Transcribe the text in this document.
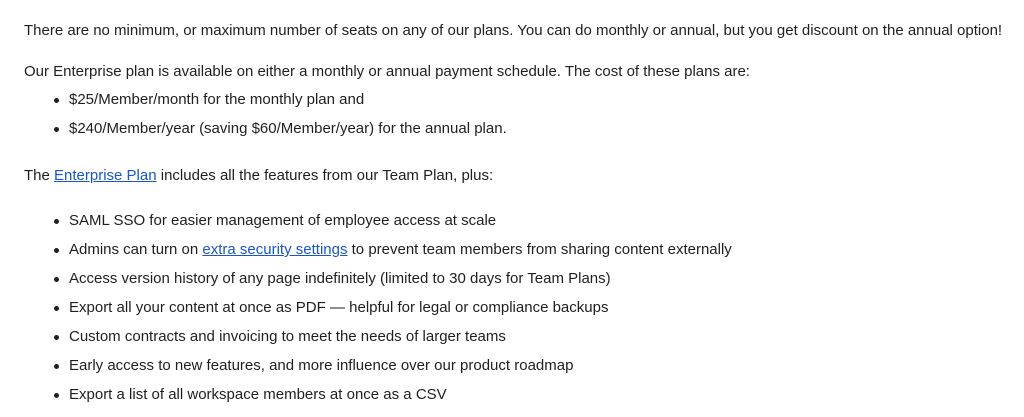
There are no minimum, or maximum number of seats on any of our plans. You can do monthly or annual, but you get discount on the annual option!

Our Enterprise plan is available on either a monthly or annual payment schedule. The cost of these plans are:

$25/Member/month for the monthly plan and
$240/Member/year (saving $60/Member/year) for the annual plan.

The Enterprise Plan includes all the features from our Team Plan, plus:

SAML SSO for easier management of employee access at scale
Admins can turn on extra security settings to prevent team members from sharing content externally
Access version history of any page indefinitely (limited to 30 days for Team Plans)
Export all your content at once as PDF — helpful for legal or compliance backups
Custom contracts and invoicing to meet the needs of larger teams
Early access to new features, and more influence over our product roadmap
Export a list of all workspace members at once as a CSV
